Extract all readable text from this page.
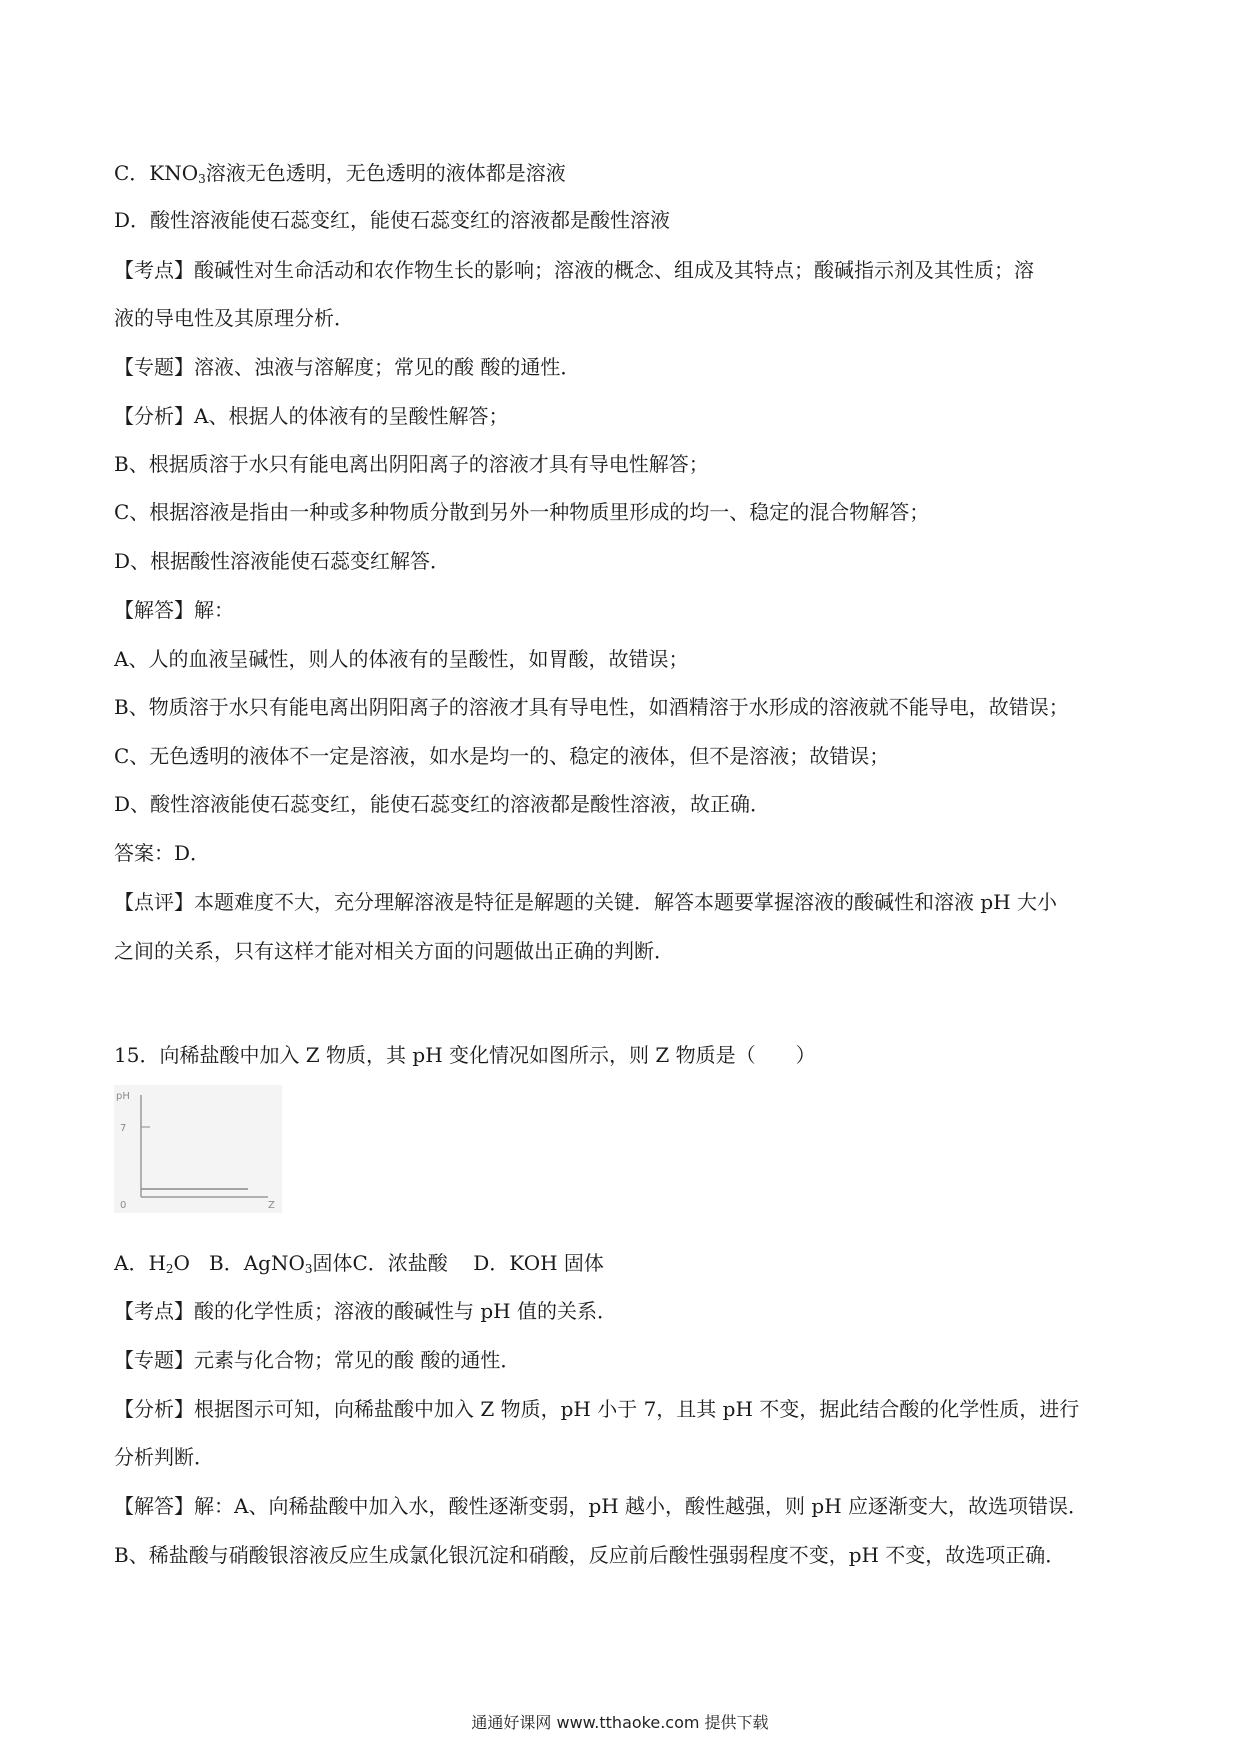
C．$KNO_3$溶液无色透明，无色透明的液体都是溶液
D．酸性溶液能使石蕊变红，能使石蕊变红的溶液都是酸性溶液
【考点】酸碱性对生命活动和农作物生长的影响；溶液的概念、组成及其特点；酸碱指示剂及其性质；溶
液的导电性及其原理分析．
【专题】溶液、浊液与溶解度；常见的酸 酸的通性．
【分析】A、根据人的体液有的呈酸性解答；
B、根据质溶于水只有能电离出阴阳离子的溶液才具有导电性解答；
C、根据溶液是指由一种或多种物质分散到另外一种物质里形成的均一、稳定的混合物解答；
D、根据酸性溶液能使石蕊变红解答．
【解答】解：
A、人的血液呈碱性，则人的体液有的呈酸性，如胃酸，故错误；
B、物质溶于水只有能电离出阴阳离子的溶液才具有导电性，如酒精溶于水形成的溶液就不能导电，故错误；
C、无色透明的液体不一定是溶液，如水是均一的、稳定的液体，但不是溶液；故错误；
D、酸性溶液能使石蕊变红，能使石蕊变红的溶液都是酸性溶液，故正确．
答案：D．
【点评】本题难度不大，充分理解溶液是特征是解题的关键．解答本题要掌握溶液的酸碱性和溶液 pH 大小
之间的关系，只有这样才能对相关方面的问题做出正确的判断．
15．向稀盐酸中加入 Z 物质，其 pH 变化情况如图所示，则 Z 物质是（　　）
pH
7
0	Z
A．$H_2O$ B．AgNO$_3$固体C．浓盐酸 D．KOH 固体
【考点】酸的化学性质；溶液的酸碱性与 pH 值的关系．
【专题】元素与化合物；常见的酸 酸的通性．
【分析】根据图示可知，向稀盐酸中加入 Z 物质，pH 小于 7，且其 pH 不变，据此结合酸的化学性质，进行
分析判断．
【解答】解：A、向稀盐酸中加入水，酸性逐渐变弱，pH 越小，酸性越强，则 pH 应逐渐变大，故选项错误．
B、稀盐酸与硝酸银溶液反应生成氯化银沉淀和硝酸，反应前后酸性强弱程度不变，pH 不变，故选项正确．
通通好课网 www.tthaoke.com 提供下载
